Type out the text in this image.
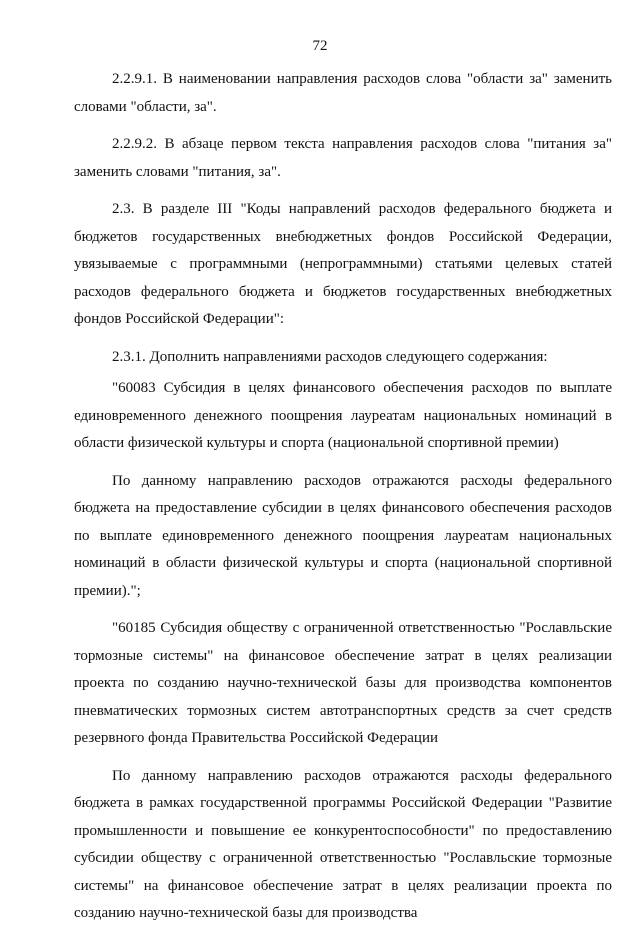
72

2.2.9.1. В наименовании направления расходов слова "области за" заменить словами "области, за".

2.2.9.2. В абзаце первом текста направления расходов слова "питания за" заменить словами "питания, за".

2.3. В разделе III "Коды направлений расходов федерального бюджета и бюджетов государственных внебюджетных фондов Российской Федерации, увязываемые с программными (непрограммными) статьями целевых статей расходов федерального бюджета и бюджетов государственных внебюджетных фондов Российской Федерации":

2.3.1. Дополнить направлениями расходов следующего содержания:

"60083 Субсидия в целях финансового обеспечения расходов по выплате единовременного денежного поощрения лауреатам национальных номинаций в области физической культуры и спорта (национальной спортивной премии)

По данному направлению расходов отражаются расходы федерального бюджета на предоставление субсидии в целях финансового обеспечения расходов по выплате единовременного денежного поощрения лауреатам национальных номинаций в области физической культуры и спорта (национальной спортивной премии).";

"60185 Субсидия обществу с ограниченной ответственностью "Рославльские тормозные системы" на финансовое обеспечение затрат в целях реализации проекта по созданию научно-технической базы для производства компонентов пневматических тормозных систем автотранспортных средств за счет средств резервного фонда Правительства Российской Федерации

По данному направлению расходов отражаются расходы федерального бюджета в рамках государственной программы Российской Федерации "Развитие промышленности и повышение ее конкурентоспособности" по предоставлению субсидии обществу с ограниченной ответственностью "Рославльские тормозные системы" на финансовое обеспечение затрат в целях реализации проекта по созданию научно-технической базы для производства
